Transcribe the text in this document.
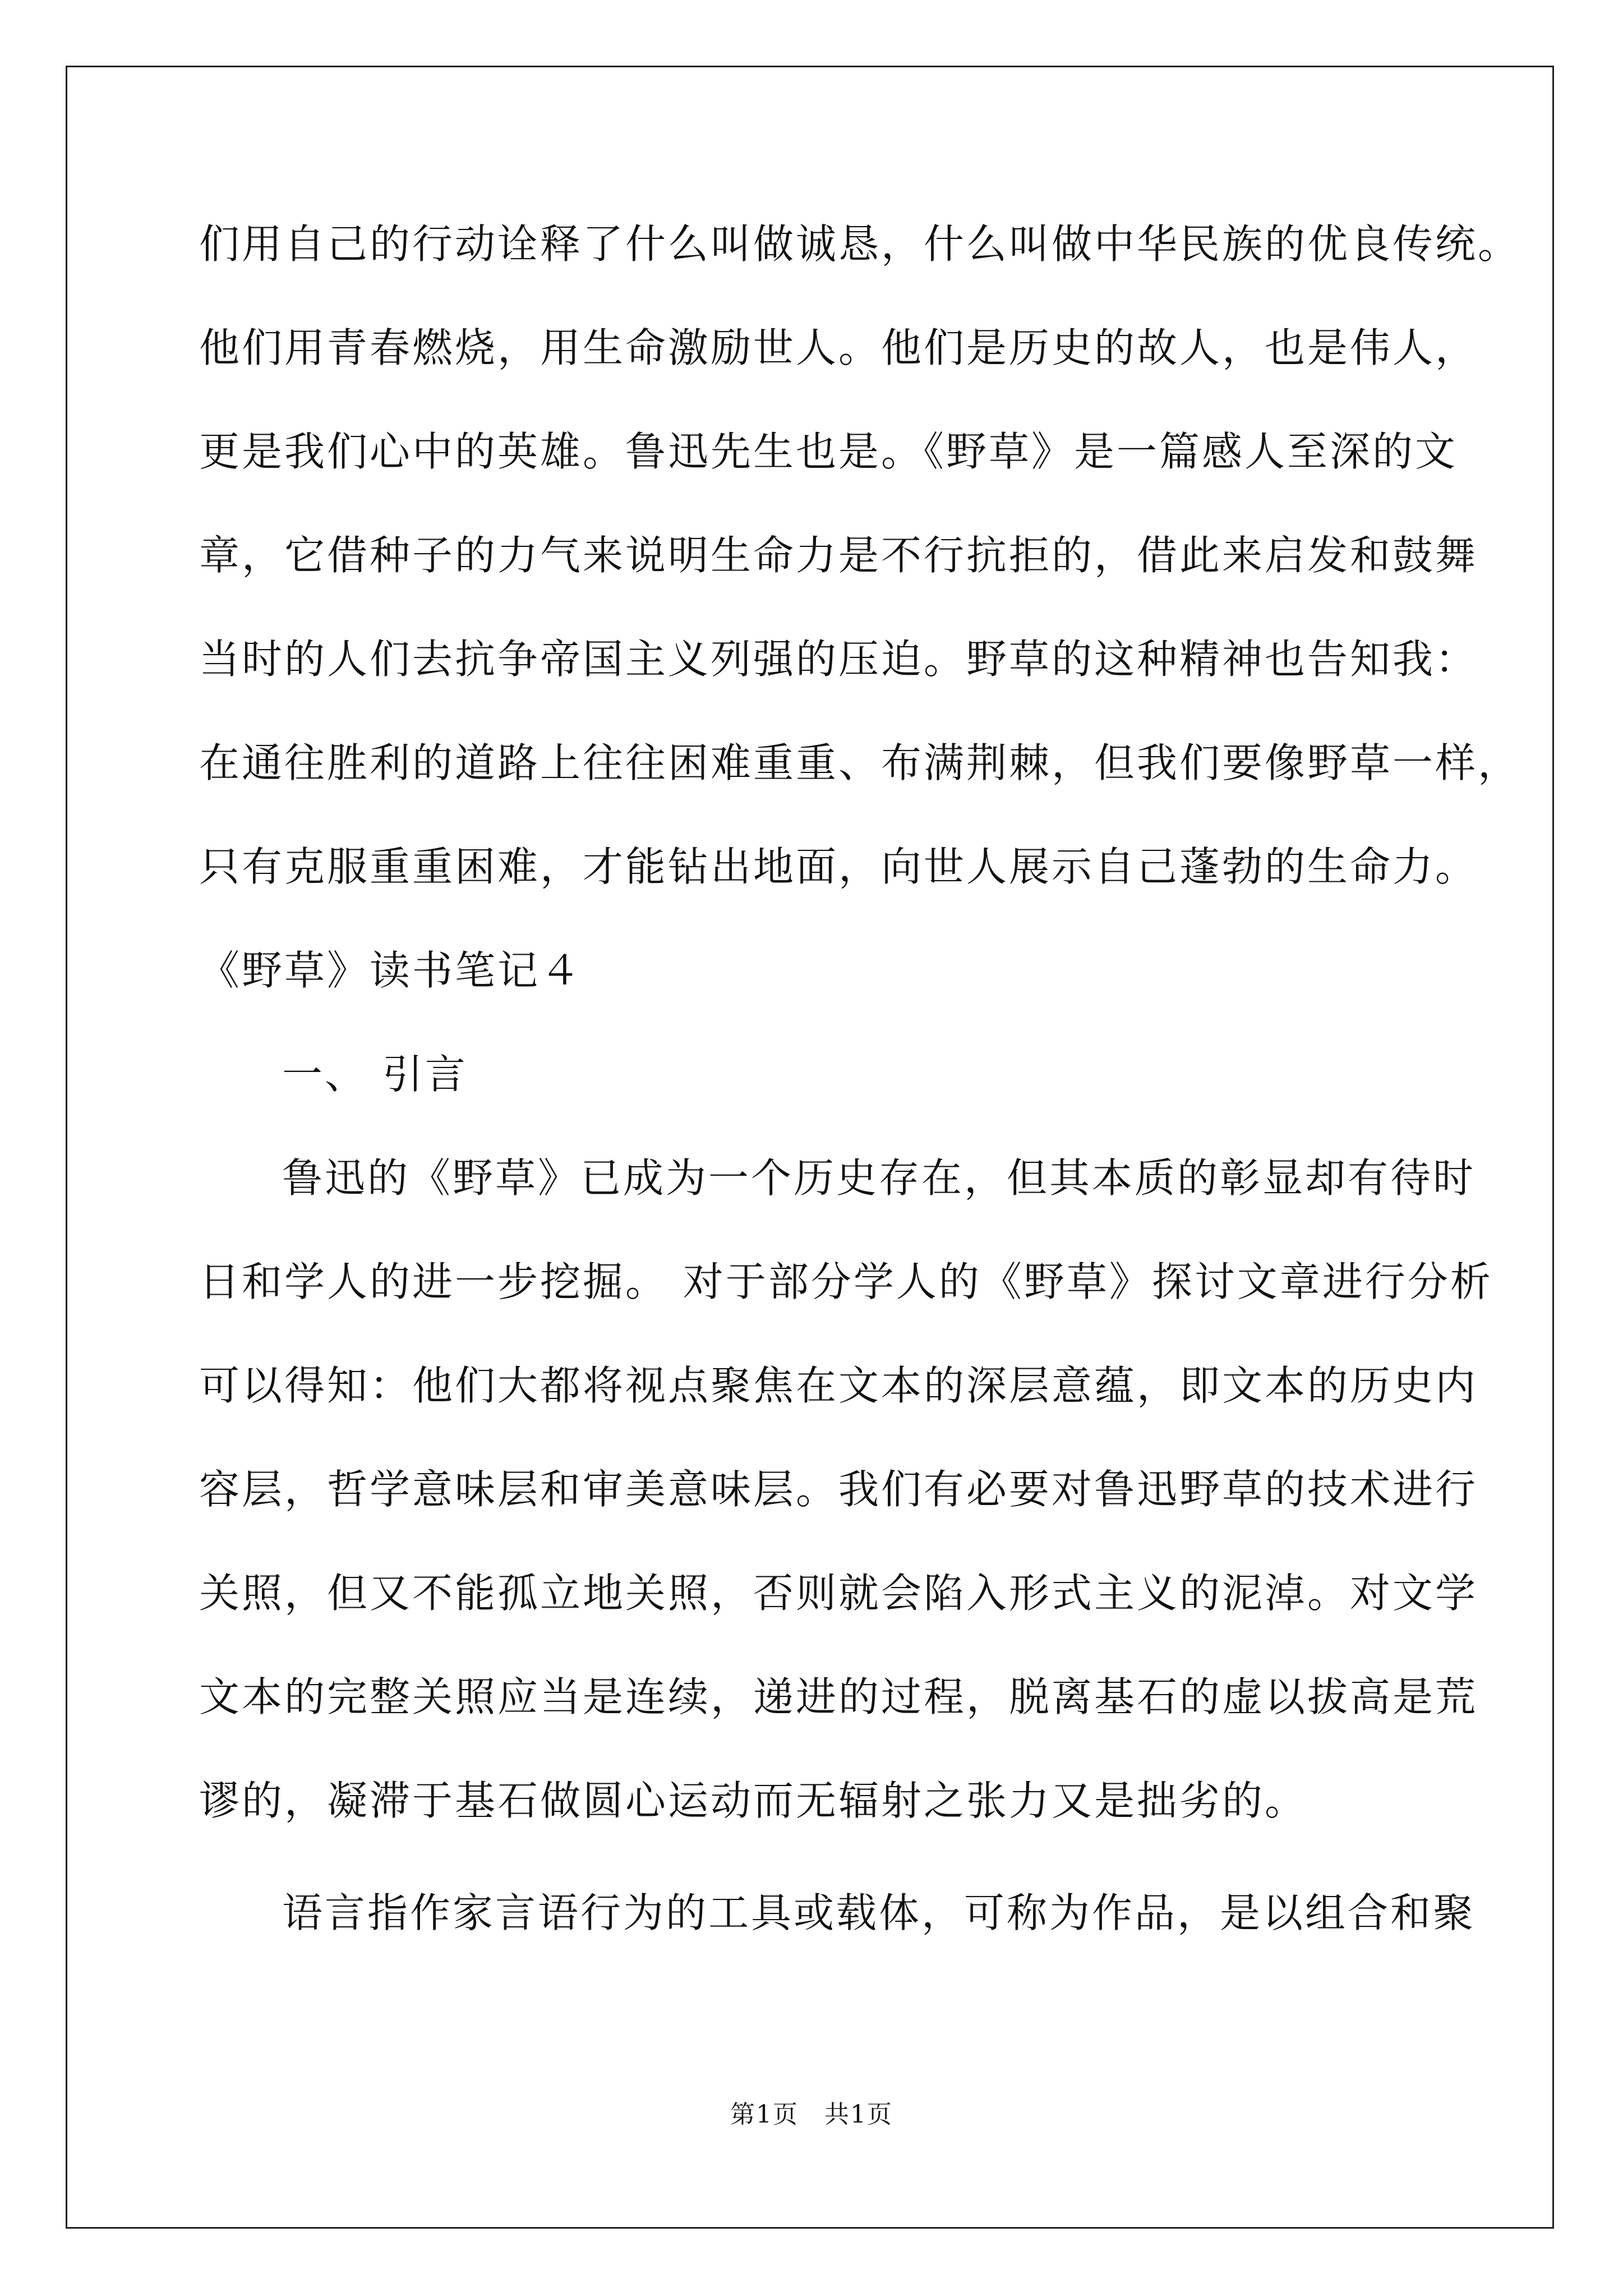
们用自己的行动诠释了什么叫做诚恳，什么叫做中华民族的优良传统。
他们用青春燃烧，用生命激励世人。他们是历史的故人，也是伟人，
更是我们心中的英雄。鲁迅先生也是。《野草》是一篇感人至深的文
章，它借种子的力气来说明生命力是不行抗拒的，借此来启发和鼓舞
当时的人们去抗争帝国主义列强的压迫。野草的这种精神也告知我：
在通往胜利的道路上往往困难重重、布满荆棘，但我们要像野草一样，
只有克服重重困难，才能钻出地面，向世人展示自己蓬勃的生命力。
《野草》读书笔记４
一、 引言
鲁迅的《野草》已成为一个历史存在，但其本质的彰显却有待时
日和学人的进一步挖掘。 对于部分学人的《野草》探讨文章进行分析
可以得知：他们大都将视点聚焦在文本的深层意蕴，即文本的历史内
容层，哲学意味层和审美意味层。我们有必要对鲁迅野草的技术进行
关照，但又不能孤立地关照，否则就会陷入形式主义的泥淖。对文学
文本的完整关照应当是连续，递进的过程，脱离基石的虚以拔高是荒
谬的，凝滞于基石做圆心运动而无辐射之张力又是拙劣的。
语言指作家言语行为的工具或载体，可称为作品，是以组合和聚
第1页　共1页
